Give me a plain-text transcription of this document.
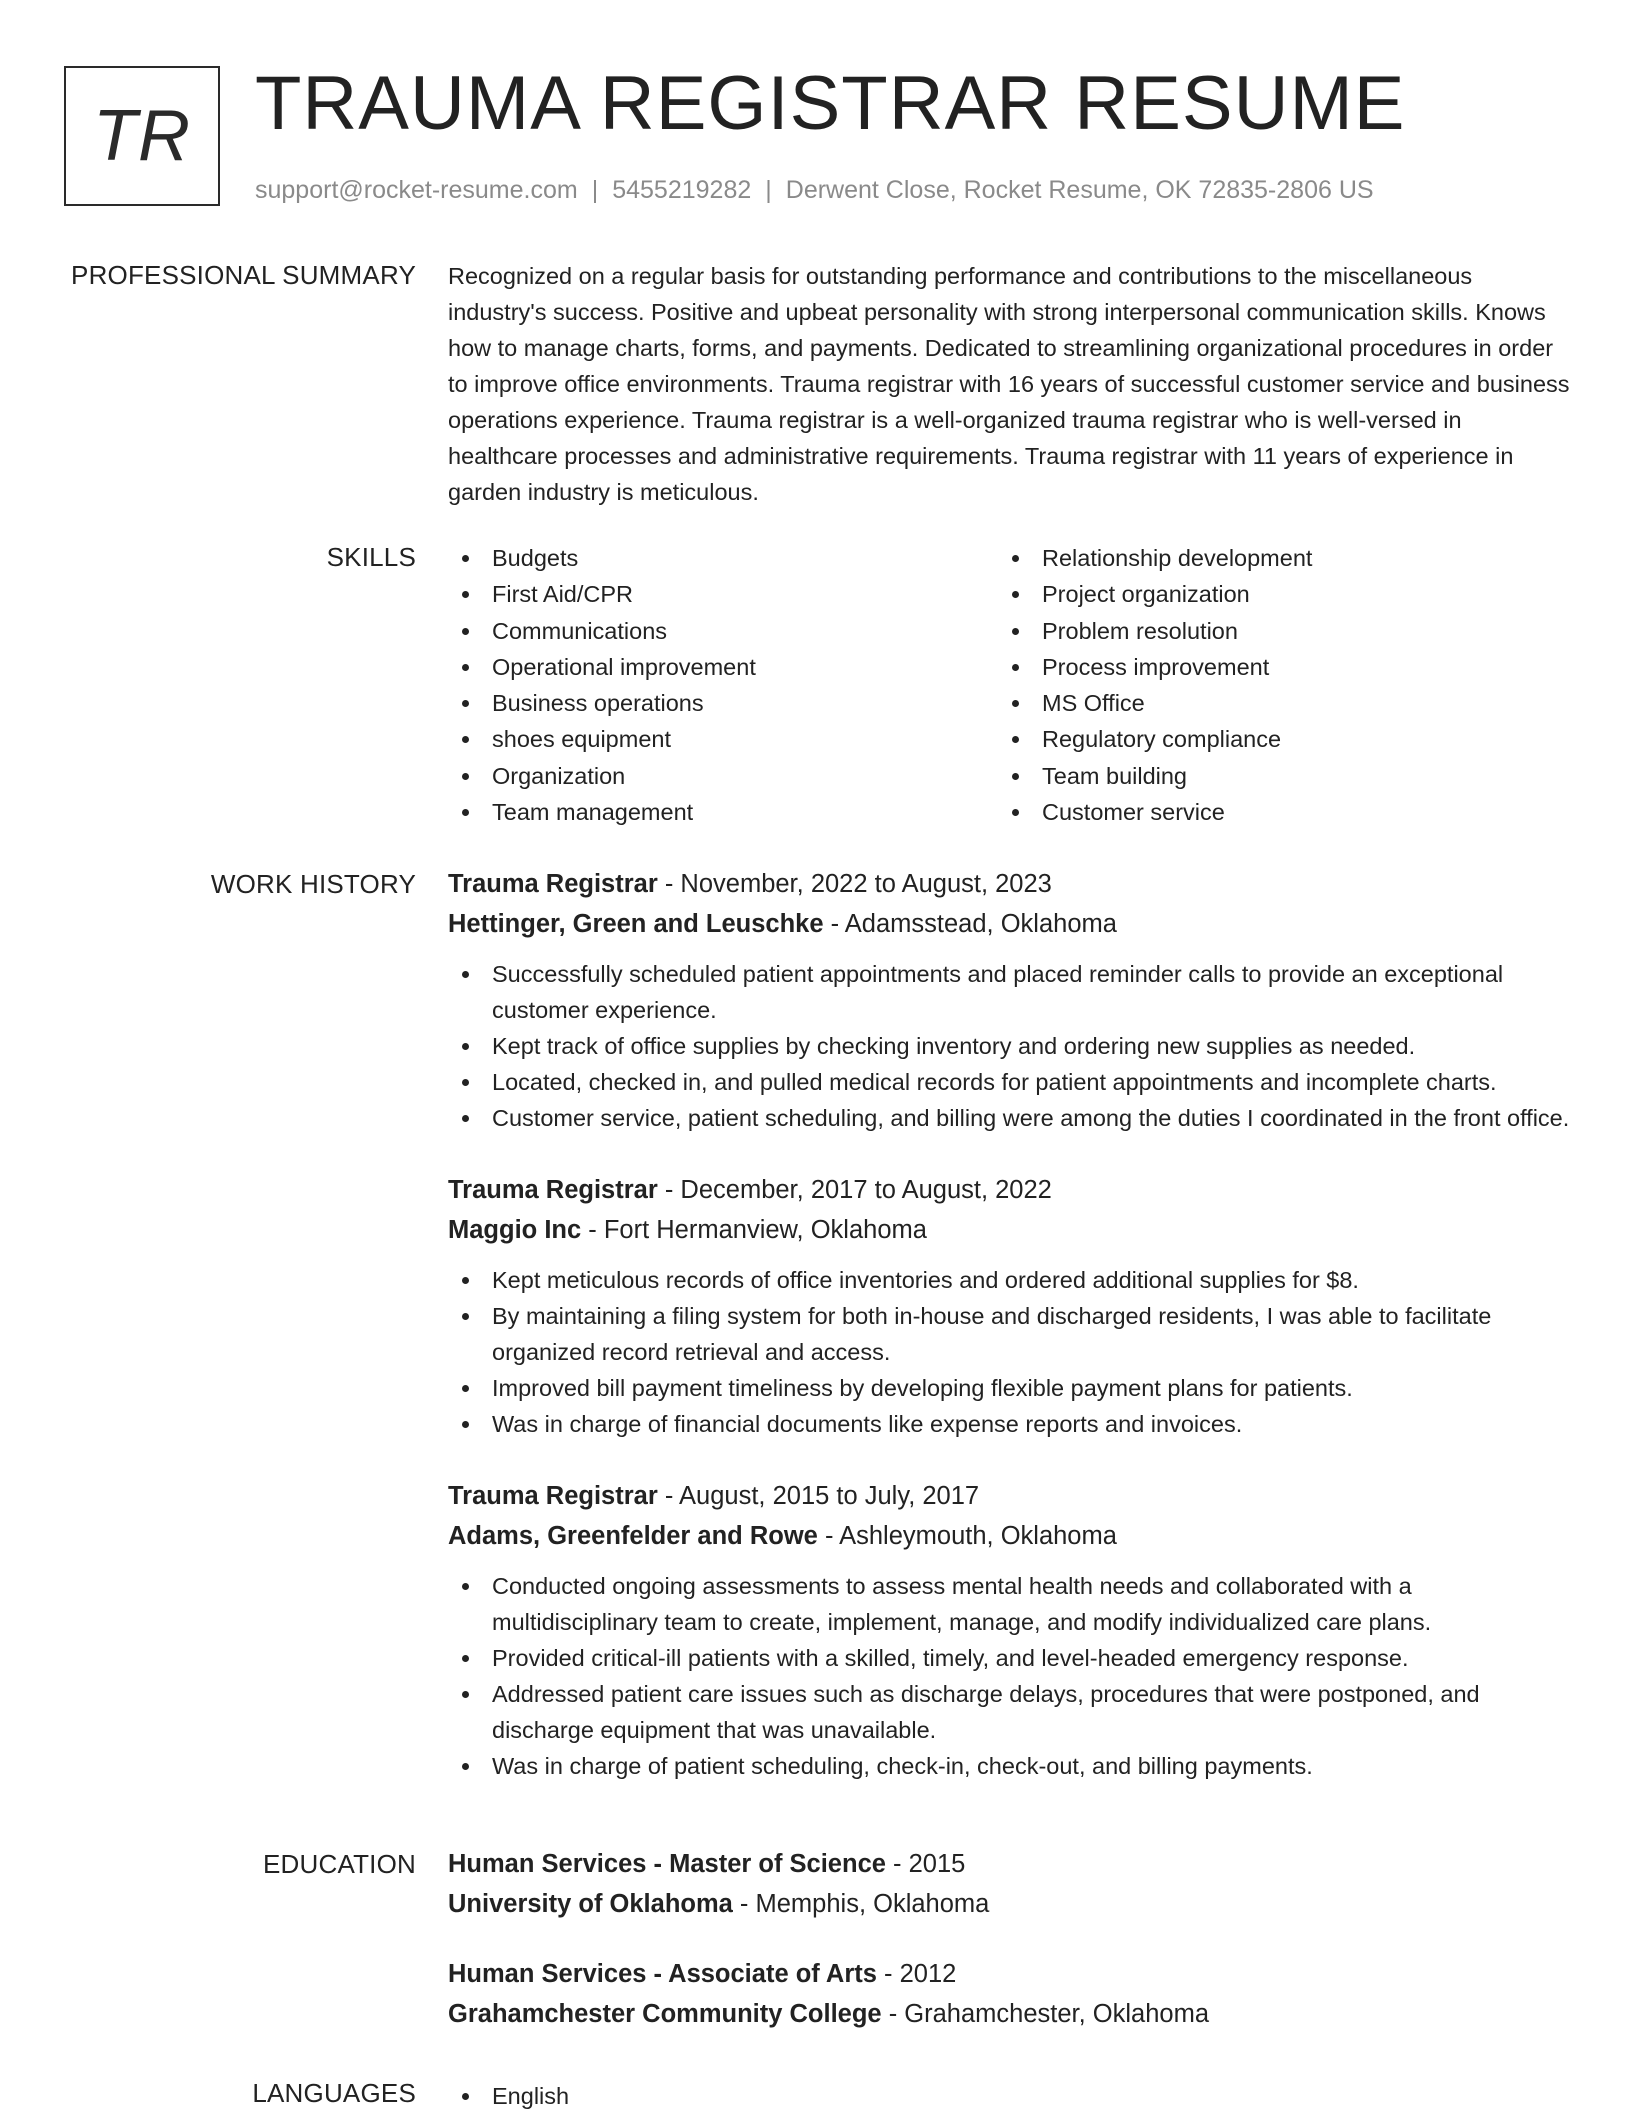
TR TRAUMA REGISTRAR RESUME
support@rocket-resume.com | 5455219282 | Derwent Close, Rocket Resume, OK 72835-2806 US
PROFESSIONAL SUMMARY Recognized on a regular basis for outstanding performance and contributions to the miscellaneous industry's success. Positive and upbeat personality with strong interpersonal communication skills. Knows how to manage charts, forms, and payments. Dedicated to streamlining organizational procedures in order to improve office environments. Trauma registrar with 16 years of successful customer service and business operations experience. Trauma registrar is a well-organized trauma registrar who is well-versed in healthcare processes and administrative requirements. Trauma registrar with 11 years of experience in garden industry is meticulous.
SKILLS	Budgets
First Aid/CPR
Communications
Operational improvement
Business operations
shoes equipment
Organization
Team management
Relationship development
Project organization
Problem resolution
Process improvement
MS Office
Regulatory compliance
Team building
Customer service
WORK HISTORY Trauma Registrar - November, 2022 to August, 2023
Hettinger, Green and Leuschke - Adamsstead, Oklahoma
Successfully scheduled patient appointments and placed reminder calls to provide an exceptional customer experience.
Kept track of office supplies by checking inventory and ordering new supplies as needed.
Located, checked in, and pulled medical records for patient appointments and incomplete charts.
Customer service, patient scheduling, and billing were among the duties I coordinated in the front office.
Trauma Registrar - December, 2017 to August, 2022
Maggio Inc - Fort Hermanview, Oklahoma
Kept meticulous records of office inventories and ordered additional supplies for $8.
By maintaining a filing system for both in-house and discharged residents, I was able to facilitate organized record retrieval and access.
Improved bill payment timeliness by developing flexible payment plans for patients.
Was in charge of financial documents like expense reports and invoices.
Trauma Registrar - August, 2015 to July, 2017
Adams, Greenfelder and Rowe - Ashleymouth, Oklahoma
Conducted ongoing assessments to assess mental health needs and collaborated with a multidisciplinary team to create, implement, manage, and modify individualized care plans.
Provided critical-ill patients with a skilled, timely, and level-headed emergency response.
Addressed patient care issues such as discharge delays, procedures that were postponed, and discharge equipment that was unavailable.
Was in charge of patient scheduling, check-in, check-out, and billing payments.
EDUCATION Human Services - Master of Science - 2015
University of Oklahoma - Memphis, Oklahoma
Human Services - Associate of Arts - 2012
Grahamchester Community College - Grahamchester, Oklahoma
LANGUAGES	English
